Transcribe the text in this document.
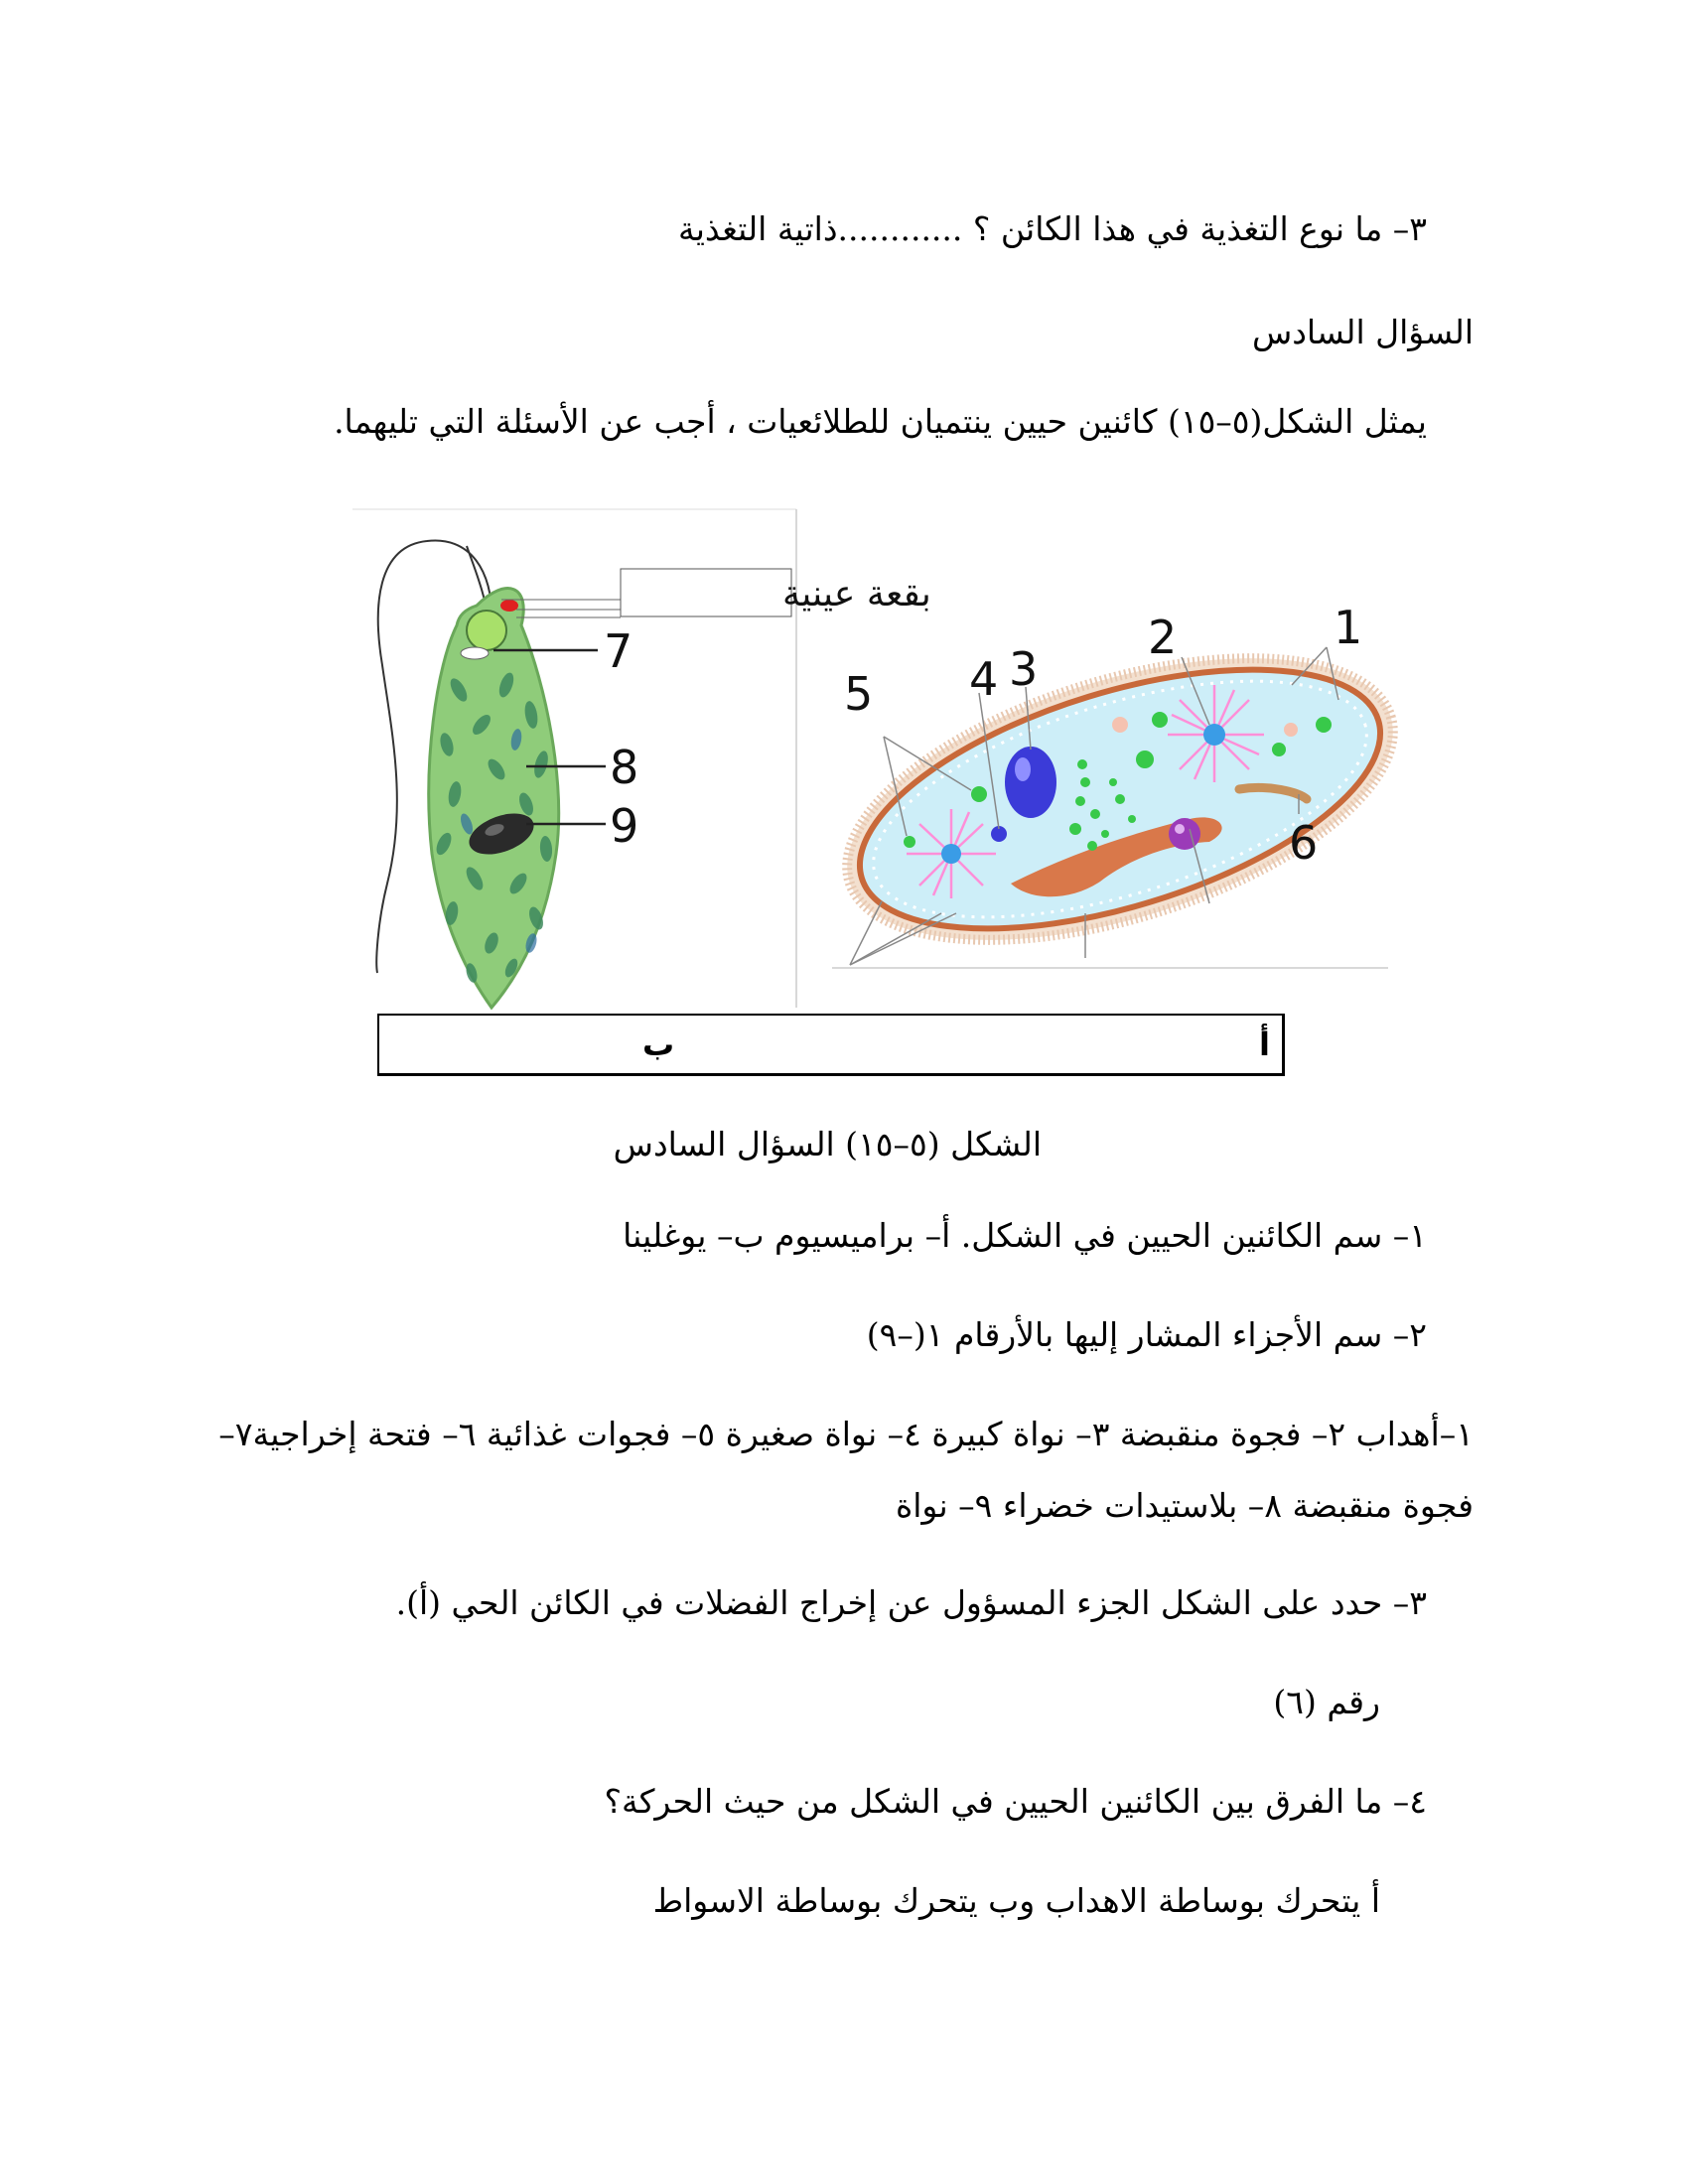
٣– ما نوع التغذية في هذا الكائن ؟ ............ذاتية التغذية
السؤال السادس
يمثل الشكل(٥–١٥) كائنين حيين ينتميان للطلائعيات ، أجب عن الأسئلة التي تليهما.
1
2
3
4
5
6
بقعة عينية
7
8
9
أ
ب
الشكل (٥–١٥) السؤال السادس
١– سم الكائنين الحيين في الشكل. أ– براميسيوم ب– يوغلينا
٢– سم الأجزاء المشار إليها بالأرقام ١(–٩)
١–أهداب ٢– فجوة منقبضة ٣– نواة كبيرة ٤– نواة صغيرة ٥– فجوات غذائية ٦– فتحة إخراجية٧–
فجوة منقبضة ٨– بلاستيدات خضراء ٩– نواة
٣– حدد على الشكل الجزء المسؤول عن إخراج الفضلات في الكائن الحي (أ).
رقم (٦)
٤– ما الفرق بين الكائنين الحيين في الشكل من حيث الحركة؟
أ يتحرك بوساطة الاهداب وب يتحرك بوساطة الاسواط
